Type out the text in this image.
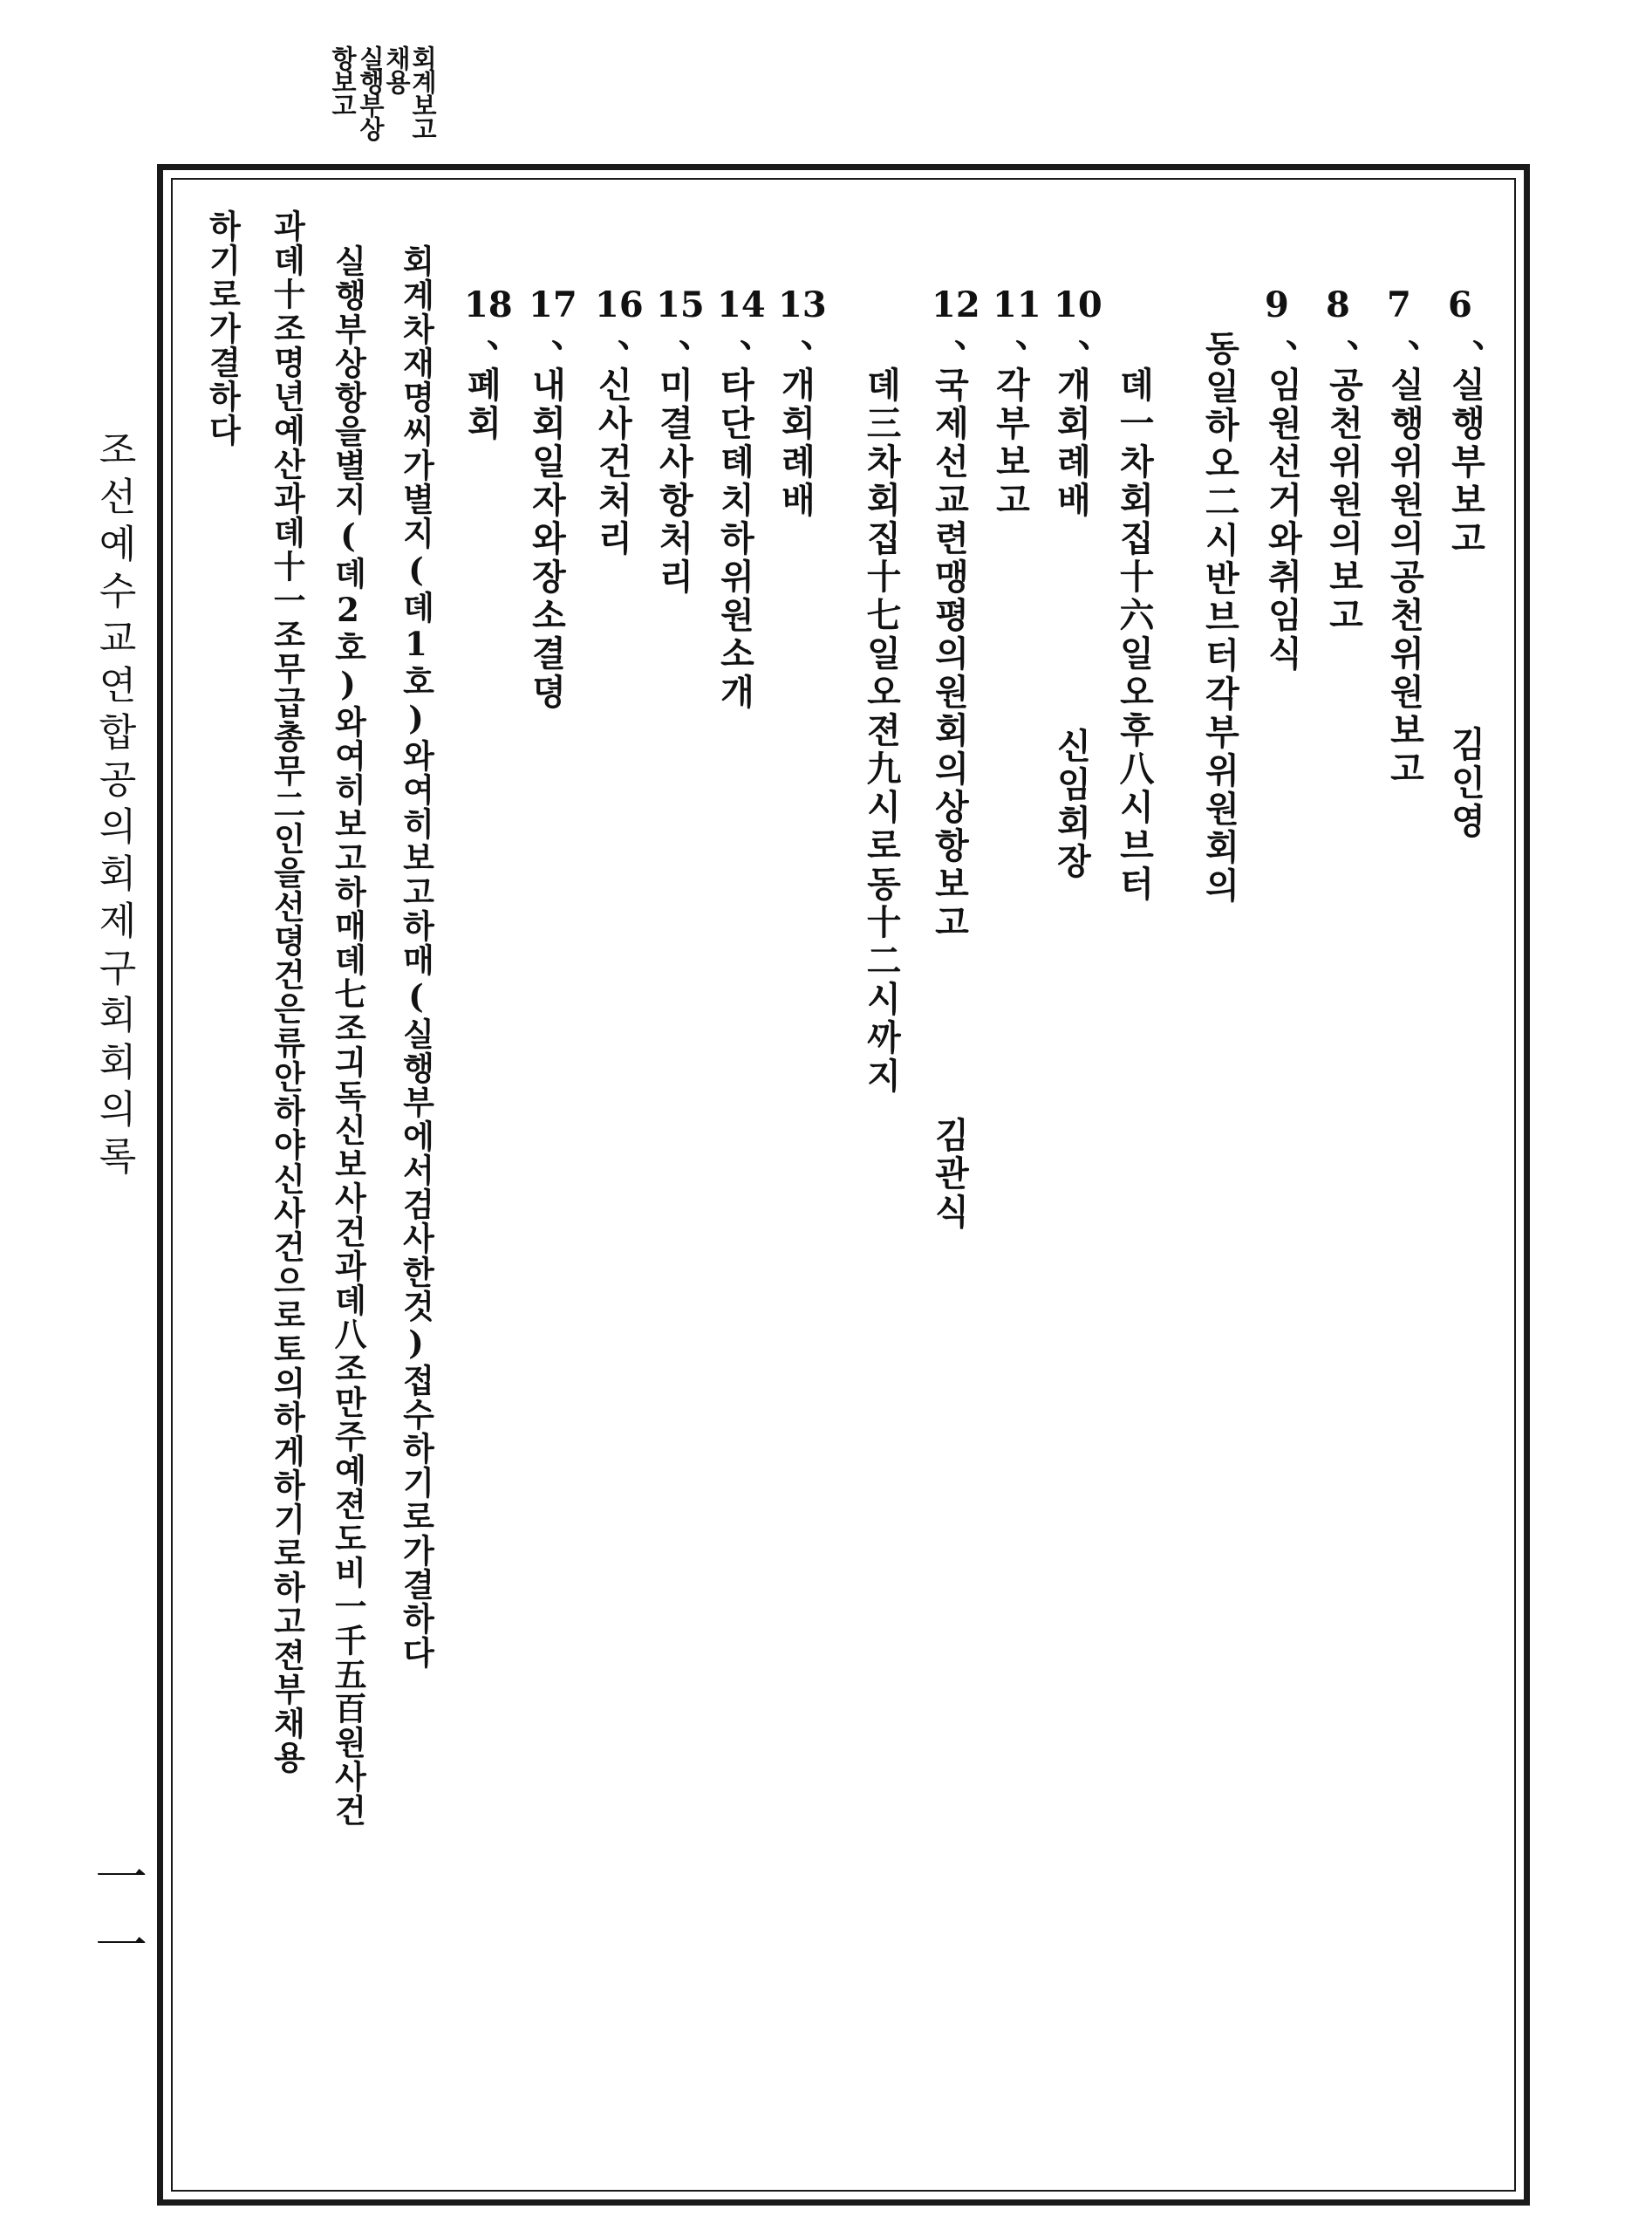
회계보고
채용
실행부상
항보고
6
、
실행부보고
김인영
7
、
실행위원의공천위원보고
8
、
공천위원의보고
9
、
임원선거와취임식
동일하오二시반브터각부위원회의
뎨一차회집十六일오후八시브터
10
、
개회례배
신임회장
11
、
각부보고
12
、
국제선교련맹평의원회의상항보고
김관식
뎨三차회집十七일오젼九시로동十二시ᄭᅡ지
13
、
개회례배
14
、
타단톄치하위원소개
15
、
미결사항처리
16
、
신사건처리
17
、
내회일자와장소결뎡
18
、
폐회
회계차재명씨가별지(뎨1호)와여히보고하매(실행부에서검사한것)접수하기로가결하다
실행부상항을별지(뎨2호)와여히보고하매뎨七조긔독신보사건과뎨八조만주예젼도비一千五百원사건
과뎨十조명년예산과뎨十一조무급총무二인을선뎡건은류안하야신사건으로토의하게하기로하고젼부채용
하기로가결하다
조선예수교연합공의회제구회회의록
一一
